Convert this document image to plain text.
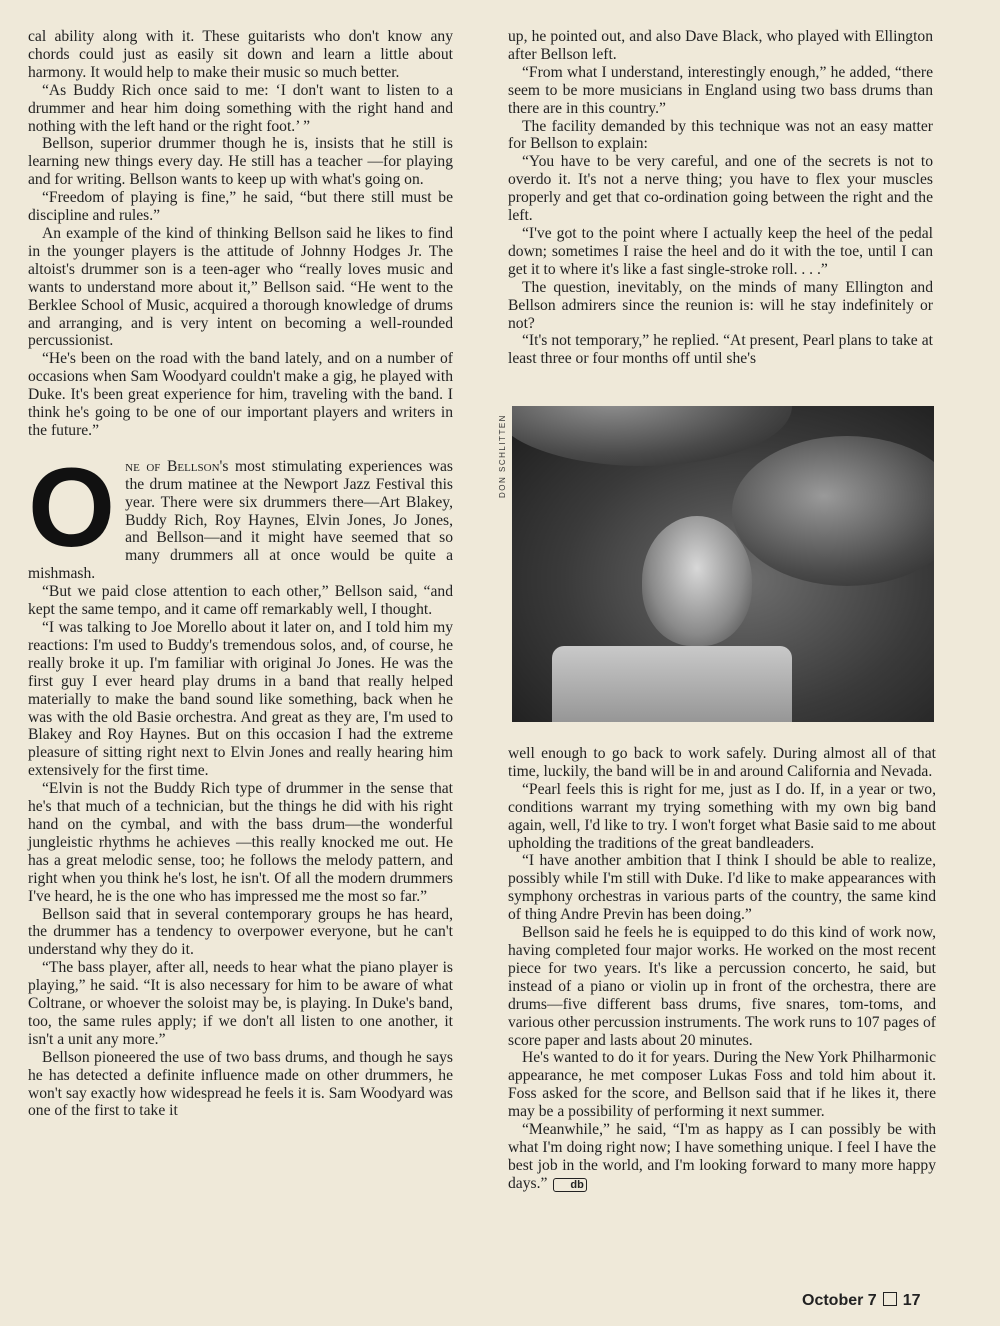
cal ability along with it. These guitarists who don't know any chords could just as easily sit down and learn a little about harmony. It would help to make their music so much better.

“As Buddy Rich once said to me: ‘I don't want to listen to a drummer and hear him doing something with the right hand and nothing with the left hand or the right foot.’ ”

Bellson, superior drummer though he is, insists that he still is learning new things every day. He still has a teacher —for playing and for writing. Bellson wants to keep up with what's going on.

“Freedom of playing is fine,” he said, “but there still must be discipline and rules.”

An example of the kind of thinking Bellson said he likes to find in the younger players is the attitude of Johnny Hodges Jr. The altoist's drummer son is a teen-ager who “really loves music and wants to understand more about it,” Bellson said. “He went to the Berklee School of Music, acquired a thorough knowledge of drums and arranging, and is very intent on becoming a well-rounded percussionist.

“He's been on the road with the band lately, and on a number of occasions when Sam Woodyard couldn't make a gig, he played with Duke. It's been great experience for him, traveling with the band. I think he's going to be one of our important players and writers in the future.”

One of Bellson's most stimulating experiences was the drum matinee at the Newport Jazz Festival this year. There were six drummers there—Art Blakey, Buddy Rich, Roy Haynes, Elvin Jones, Jo Jones, and Bellson—and it might have seemed that so many drummers all at once would be quite a mishmash.

“But we paid close attention to each other,” Bellson said, “and kept the same tempo, and it came off remarkably well, I thought.

“I was talking to Joe Morello about it later on, and I told him my reactions: I'm used to Buddy's tremendous solos, and, of course, he really broke it up. I'm familiar with original Jo Jones. He was the first guy I ever heard play drums in a band that really helped materially to make the band sound like something, back when he was with the old Basie orchestra. And great as they are, I'm used to Blakey and Roy Haynes. But on this occasion I had the extreme pleasure of sitting right next to Elvin Jones and really hearing him extensively for the first time.

“Elvin is not the Buddy Rich type of drummer in the sense that he's that much of a technician, but the things he did with his right hand on the cymbal, and with the bass drum—the wonderful jungleistic rhythms he achieves —this really knocked me out. He has a great melodic sense, too; he follows the melody pattern, and right when you think he's lost, he isn't. Of all the modern drummers I've heard, he is the one who has impressed me the most so far.”

Bellson said that in several contemporary groups he has heard, the drummer has a tendency to overpower everyone, but he can't understand why they do it.

“The bass player, after all, needs to hear what the piano player is playing,” he said. “It is also necessary for him to be aware of what Coltrane, or whoever the soloist may be, is playing. In Duke's band, too, the same rules apply; if we don't all listen to one another, it isn't a unit any more.”

Bellson pioneered the use of two bass drums, and though he says he has detected a definite influence made on other drummers, he won't say exactly how widespread he feels it is. Sam Woodyard was one of the first to take it

up, he pointed out, and also Dave Black, who played with Ellington after Bellson left.

“From what I understand, interestingly enough,” he added, “there seem to be more musicians in England using two bass drums than there are in this country.”

The facility demanded by this technique was not an easy matter for Bellson to explain:

“You have to be very careful, and one of the secrets is not to overdo it. It's not a nerve thing; you have to flex your muscles properly and get that co-ordination going between the right and the left.

“I've got to the point where I actually keep the heel of the pedal down; sometimes I raise the heel and do it with the toe, until I can get it to where it's like a fast single-stroke roll. . . .”

The question, inevitably, on the minds of many Ellington and Bellson admirers since the reunion is: will he stay indefinitely or not?

“It's not temporary,” he replied. “At present, Pearl plans to take at least three or four months off until she's

DON SCHLITTEN

well enough to go back to work safely. During almost all of that time, luckily, the band will be in and around California and Nevada.

“Pearl feels this is right for me, just as I do. If, in a year or two, conditions warrant my trying something with my own big band again, well, I'd like to try. I won't forget what Basie said to me about upholding the traditions of the great bandleaders.

“I have another ambition that I think I should be able to realize, possibly while I'm still with Duke. I'd like to make appearances with symphony orchestras in various parts of the country, the same kind of thing Andre Previn has been doing.”

Bellson said he feels he is equipped to do this kind of work now, having completed four major works. He worked on the most recent piece for two years. It's like a percussion concerto, he said, but instead of a piano or violin up in front of the orchestra, there are drums—five different bass drums, five snares, tom-toms, and various other percussion instruments. The work runs to 107 pages of score paper and lasts about 20 minutes.

He's wanted to do it for years. During the New York Philharmonic appearance, he met composer Lukas Foss and told him about it. Foss asked for the score, and Bellson said that if he likes it, there may be a possibility of performing it next summer.

“Meanwhile,” he said, “I'm as happy as I can possibly be with what I'm doing right now; I have something unique. I feel I have the best job in the world, and I'm looking forward to many more happy days.” db

October 7 17
